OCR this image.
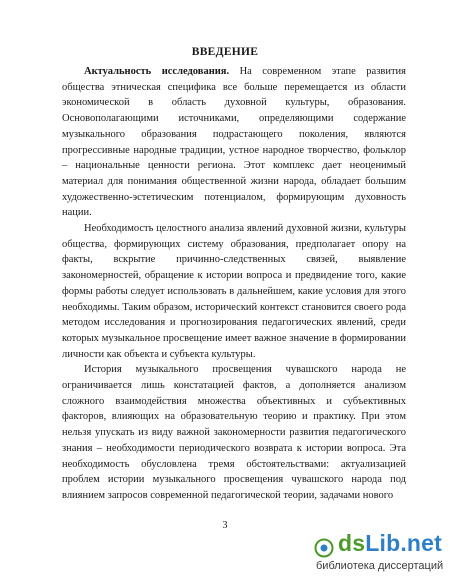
ВВЕДЕНИЕ

Актуальность исследования. На современном этапе развития общества этническая специфика все больше перемещается из области экономической в область духовной культуры, образования. Основополагающими источниками, определяющими содержание музыкального образования подрастающего поколения, являются прогрессивные народные традиции, устное народное творчество, фольклор – национальные ценности региона. Этот комплекс дает неоценимый материал для понимания общественной жизни народа, обладает большим художественно-эстетическим потенциалом, формирующим духовность нации.

Необходимость целостного анализа явлений духовной жизни, культуры общества, формирующих систему образования, предполагает опору на факты, вскрытие причинно-следственных связей, выявление закономерностей, обращение к истории вопроса и предвидение того, какие формы работы следует использовать в дальнейшем, какие условия для этого необходимы. Таким образом, исторический контекст становится своего рода методом исследования и прогнозирования педагогических явлений, среди которых музыкальное просвещение имеет важное значение в формировании личности как объекта и субъекта культуры.

История музыкального просвещения чувашского народа не ограничивается лишь констатацией фактов, а дополняется анализом сложного взаимодействия множества объективных и субъективных факторов, влияющих на образовательную теорию и практику. При этом нельзя упускать из виду важной закономерности развития педагогического знания – необходимости периодического возврата к истории вопроса. Эта необходимость обусловлена тремя обстоятельствами: актуализацией проблем истории музыкального просвещения чувашского народа под влиянием запросов современной педагогической теории, задачами нового

3
dsLib.net
библиотека диссертаций
